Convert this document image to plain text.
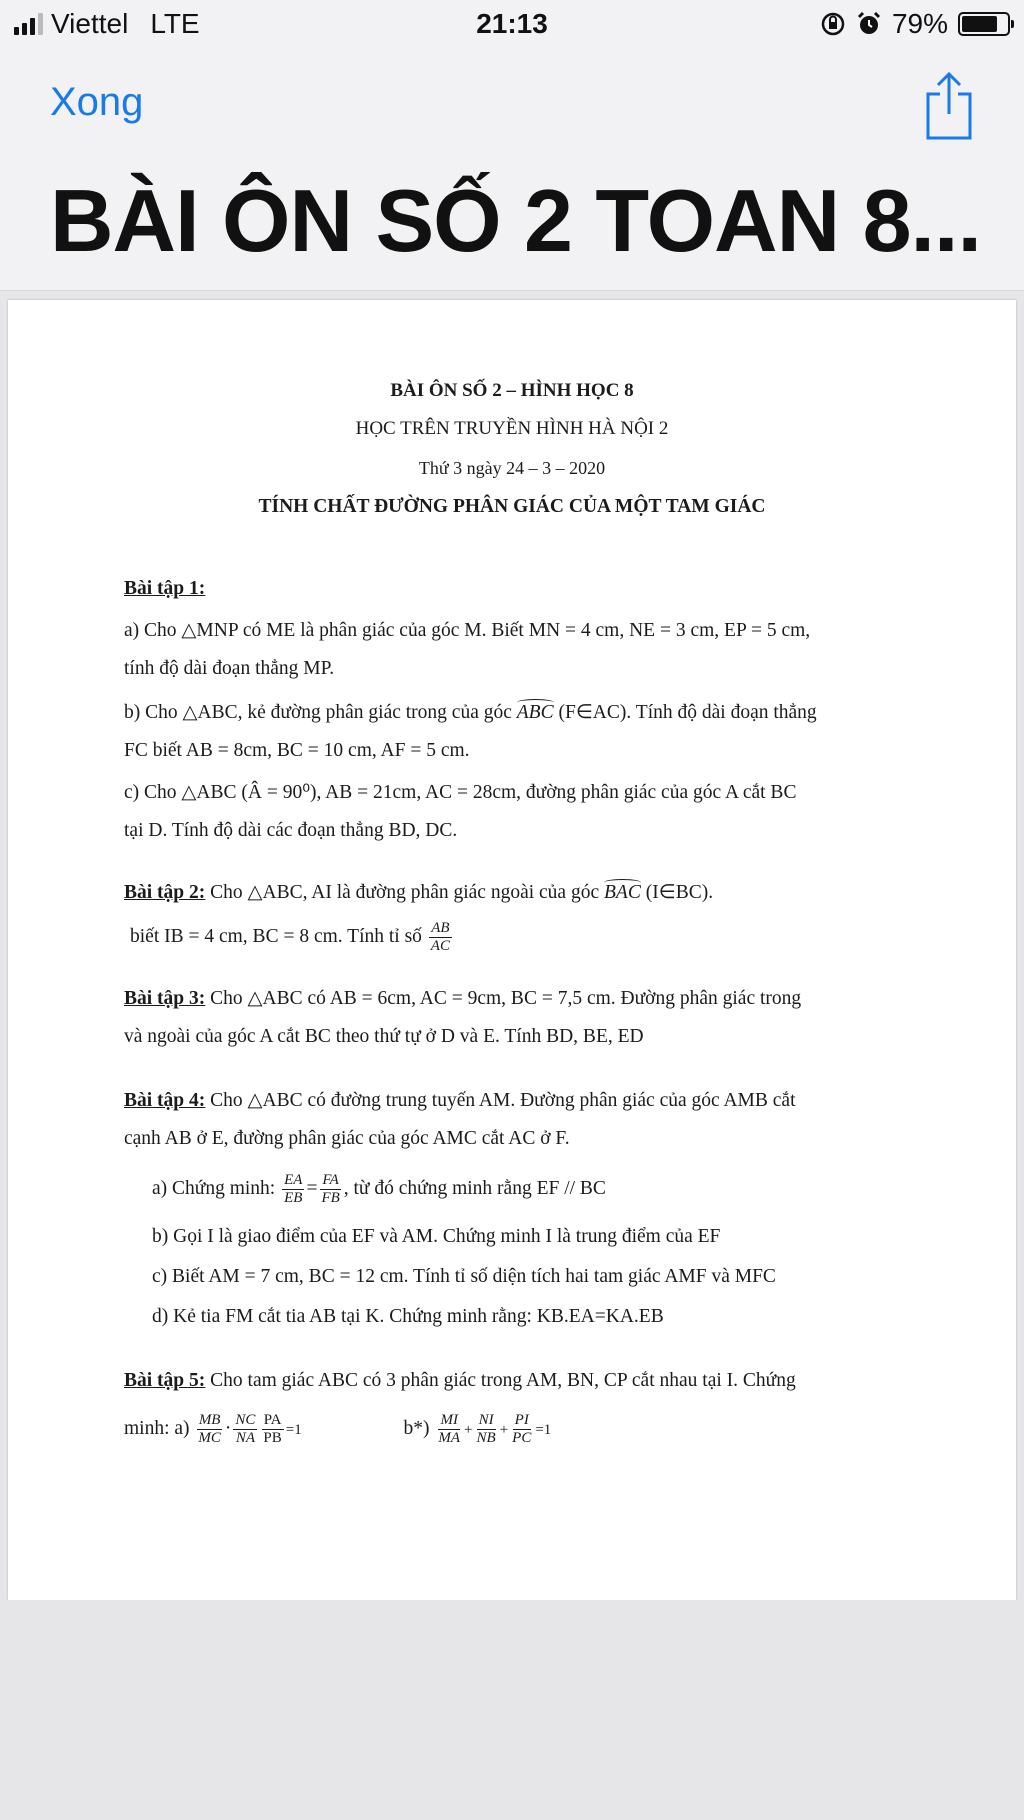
Viettel LTE	21:13	79%
Xong
BÀI ÔN SỐ 2 TOAN 8...
BÀI ÔN SỐ 2 – HÌNH HỌC 8
HỌC TRÊN TRUYỀN HÌNH HÀ NỘI 2
Thứ 3 ngày 24 – 3 – 2020
TÍNH CHẤT ĐƯỜNG PHÂN GIÁC CỦA MỘT TAM GIÁC
Bài tập 1:
a) Cho △MNP có ME là phân giác của góc M. Biết MN = 4 cm, NE = 3 cm, EP = 5 cm,
tính độ dài đoạn thẳng MP.
b) Cho △ABC, kẻ đường phân giác trong của góc ABC (F∈AC). Tính độ dài đoạn thẳng
FC biết AB = 8cm, BC = 10 cm, AF = 5 cm.
c) Cho △ABC (Â = 90⁰), AB = 21cm, AC = 28cm, đường phân giác của góc A cắt BC
tại D. Tính độ dài các đoạn thẳng BD, DC.
Bài tập 2: Cho △ABC, AI là đường phân giác ngoài của góc BAC (I∈BC).
biết IB = 4 cm, BC = 8 cm. Tính tỉ số $\frac{AB}{AC}$
Bài tập 3: Cho △ABC có AB = 6cm, AC = 9cm, BC = 7,5 cm. Đường phân giác trong
và ngoài của góc A cắt BC theo thứ tự ở D và E. Tính BD, BE, ED
Bài tập 4: Cho △ABC có đường trung tuyến AM. Đường phân giác của góc AMB cắt
cạnh AB ở E, đường phân giác của góc AMC cắt AC ở F.
a) Chứng minh: $\frac{EA}{EB} = \frac{FA}{FB}$ , từ đó chứng minh rằng EF // BC
b) Gọi I là giao điểm của EF và AM. Chứng minh I là trung điểm của EF
c) Biết AM = 7 cm, BC = 12 cm. Tính tỉ số diện tích hai tam giác AMF và MFC
d) Kẻ tia FM cắt tia AB tại K. Chứng minh rằng: KB.EA=KA.EB
Bài tập 5: Cho tam giác ABC có 3 phân giác trong AM, BN, CP cắt nhau tại I. Chứng
minh: $a) \frac{MB}{MC} \cdot \frac{NC}{NA} \frac{PA}{PB} =1$	$b*) \frac{MI}{MA} + \frac{NI}{NB} + \frac{PI}{PC} =1$
